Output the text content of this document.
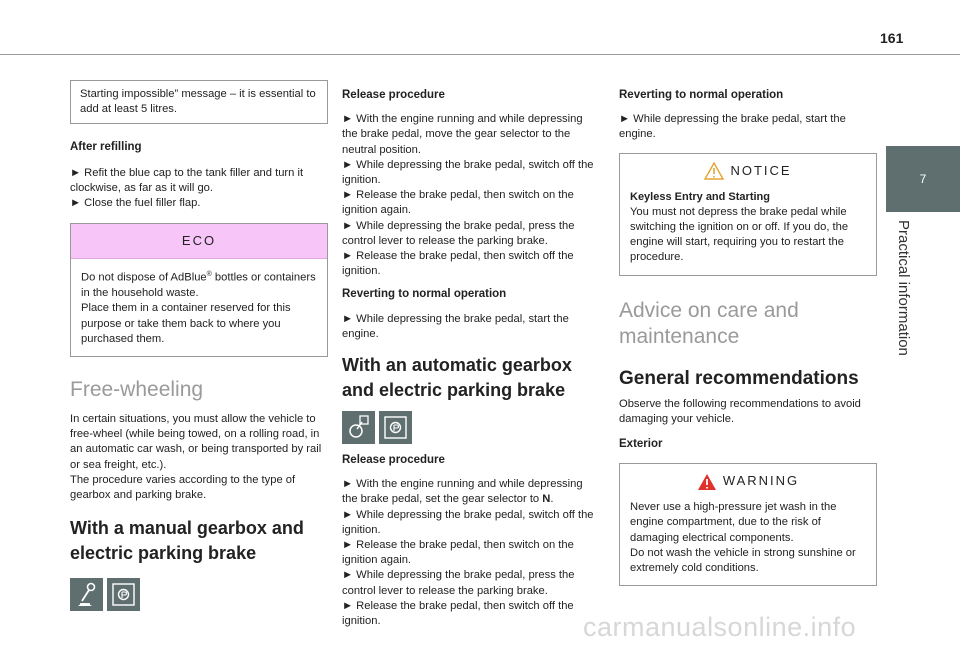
161
7
Practical information

Starting impossible” message – it is essential to add at least 5 litres.

After refilling

► Refit the blue cap to the tank filler and turn it clockwise, as far as it will go.

► Close the fuel filler flap.

ECO

Do not dispose of AdBlue® bottles or containers in the household waste.

Place them in a container reserved for this purpose or take them back to where you purchased them.

Free-wheeling

In certain situations, you must allow the vehicle to free-wheel (while being towed, on a rolling road, in an automatic car wash, or being transported by rail or sea freight, etc.).

The procedure varies according to the type of gearbox and parking brake.

With a manual gearbox and electric parking brake

Release procedure

► With the engine running and while depressing the brake pedal, move the gear selector to the neutral position.

► While depressing the brake pedal, switch off the ignition.

► Release the brake pedal, then switch on the ignition again.

► While depressing the brake pedal, press the control lever to release the parking brake.

► Release the brake pedal, then switch off the ignition.

Reverting to normal operation

► While depressing the brake pedal, start the engine.

With an automatic gearbox and electric parking brake

Release procedure

► With the engine running and while depressing the brake pedal, set the gear selector to N.

► While depressing the brake pedal, switch off the ignition.

► Release the brake pedal, then switch on the ignition again.

► While depressing the brake pedal, press the control lever to release the parking brake.

► Release the brake pedal, then switch off the ignition.

Reverting to normal operation

► While depressing the brake pedal, start the engine.

NOTICE

Keyless Entry and Starting

You must not depress the brake pedal while switching the ignition on or off. If you do, the engine will start, requiring you to restart the procedure.

Advice on care and maintenance

General recommendations

Observe the following recommendations to avoid damaging your vehicle.

Exterior

WARNING

Never use a high-pressure jet wash in the engine compartment, due to the risk of damaging electrical components.

Do not wash the vehicle in strong sunshine or extremely cold conditions.

carmanualsonline.info
